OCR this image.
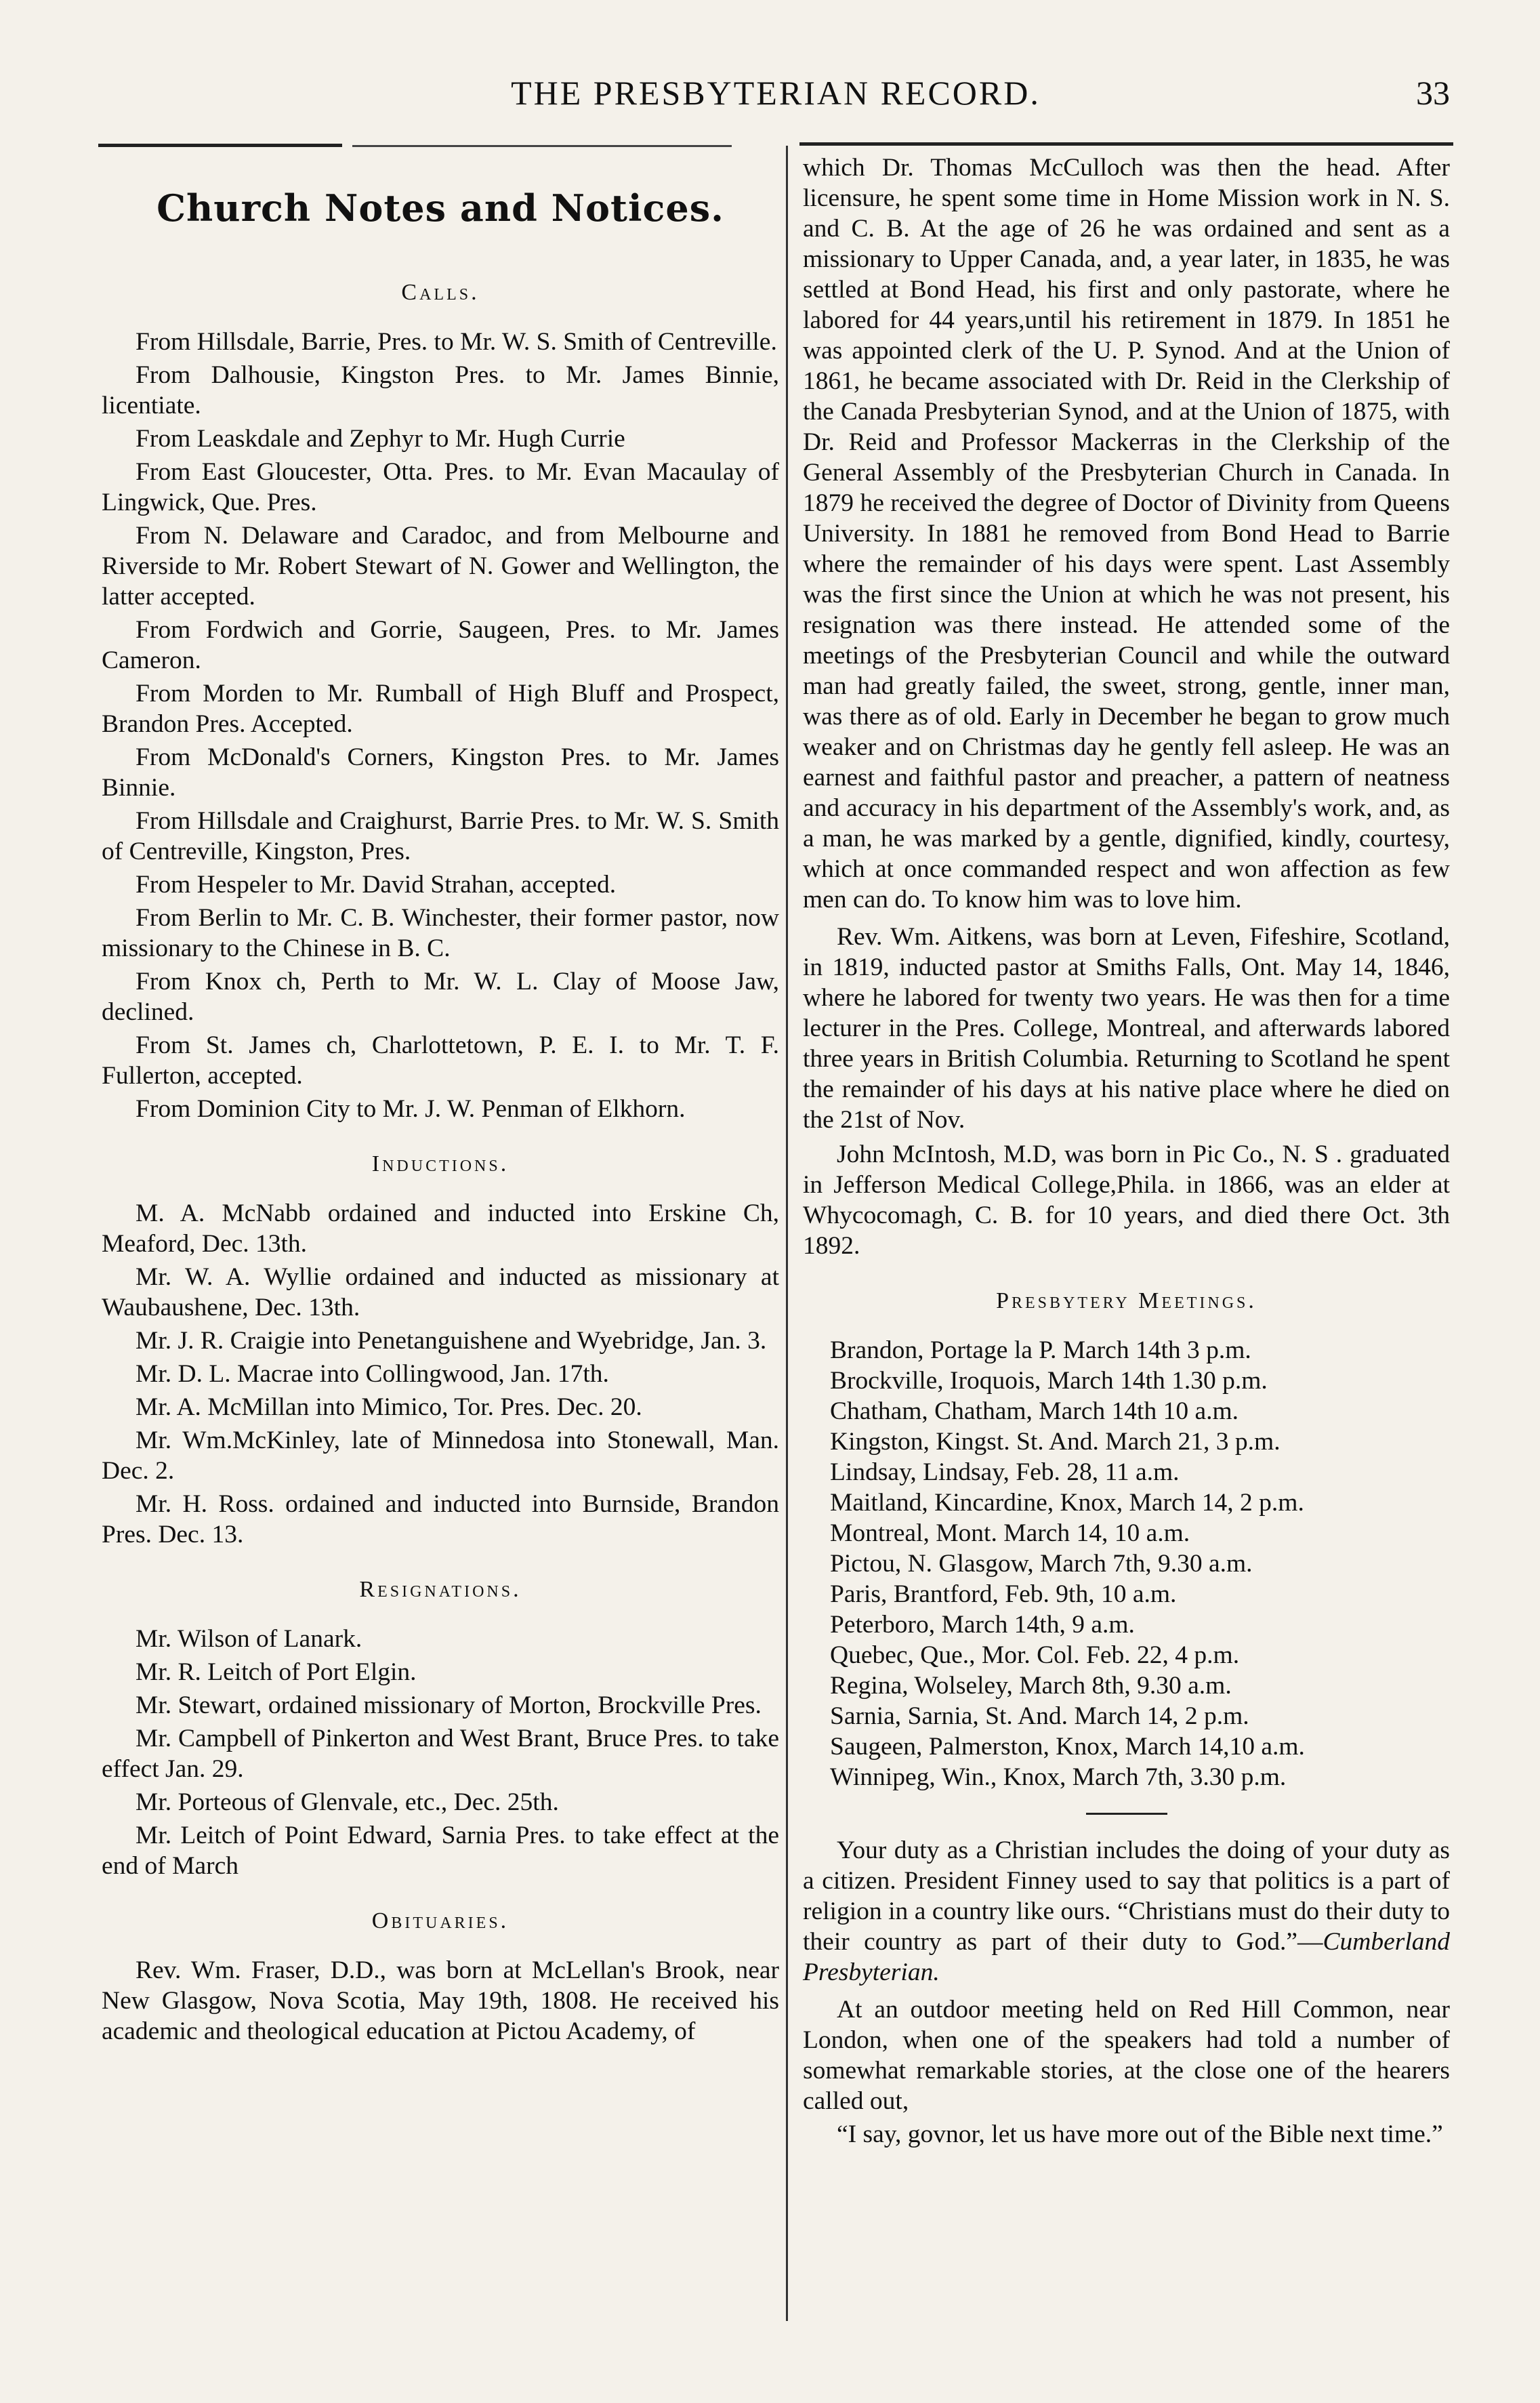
THE PRESBYTERIAN RECORD.	33
Church Notes and Notices.
Calls.

From Hillsdale, Barrie, Pres. to Mr. W. S. Smith of Centreville.

From Dalhousie, Kingston Pres. to Mr. James Binnie, licentiate.

From Leaskdale and Zephyr to Mr. Hugh Currie

From East Gloucester, Otta. Pres. to Mr. Evan Macaulay of Lingwick, Que. Pres.

From N. Delaware and Caradoc, and from Melbourne and Riverside to Mr. Robert Stewart of N. Gower and Wellington, the latter accepted.

From Fordwich and Gorrie, Saugeen, Pres. to Mr. James Cameron.

From Morden to Mr. Rumball of High Bluff and Prospect, Brandon Pres. Accepted.

From McDonald's Corners, Kingston Pres. to Mr. James Binnie.

From Hillsdale and Craighurst, Barrie Pres. to Mr. W. S. Smith of Centreville, Kingston, Pres.

From Hespeler to Mr. David Strahan, accepted.

From Berlin to Mr. C. B. Winchester, their former pastor, now missionary to the Chinese in B. C.

From Knox ch, Perth to Mr. W. L. Clay of Moose Jaw, declined.

From St. James ch, Charlottetown, P. E. I. to Mr. T. F. Fullerton, accepted.

From Dominion City to Mr. J. W. Penman of Elkhorn.

Inductions.

M. A. McNabb ordained and inducted into Erskine Ch, Meaford, Dec. 13th.

Mr. W. A. Wyllie ordained and inducted as missionary at Waubaushene, Dec. 13th.

Mr. J. R. Craigie into Penetanguishene and Wyebridge, Jan. 3.

Mr. D. L. Macrae into Collingwood, Jan. 17th.

Mr. A. McMillan into Mimico, Tor. Pres. Dec. 20.

Mr. Wm.McKinley, late of Minnedosa into Stonewall, Man. Dec. 2.

Mr. H. Ross. ordained and inducted into Burnside, Brandon Pres. Dec. 13.

Resignations.

Mr. Wilson of Lanark.

Mr. R. Leitch of Port Elgin.

Mr. Stewart, ordained missionary of Morton, Brockville Pres.

Mr. Campbell of Pinkerton and West Brant, Bruce Pres. to take effect Jan. 29.

Mr. Porteous of Glenvale, etc., Dec. 25th.

Mr. Leitch of Point Edward, Sarnia Pres. to take effect at the end of March

Obituaries.

Rev. Wm. Fraser, D.D., was born at McLellan's Brook, near New Glasgow, Nova Scotia, May 19th, 1808. He received his academic and theological education at Pictou Academy, of

which Dr. Thomas McCulloch was then the head. After licensure, he spent some time in Home Mission work in N. S. and C. B. At the age of 26 he was ordained and sent as a missionary to Upper Canada, and, a year later, in 1835, he was settled at Bond Head, his first and only pastorate, where he labored for 44 years,until his retirement in 1879. In 1851 he was appointed clerk of the U. P. Synod. And at the Union of 1861, he became associated with Dr. Reid in the Clerkship of the Canada Presbyterian Synod, and at the Union of 1875, with Dr. Reid and Professor Mackerras in the Clerkship of the General Assembly of the Presbyterian Church in Canada. In 1879 he received the degree of Doctor of Divinity from Queens University. In 1881 he removed from Bond Head to Barrie where the remainder of his days were spent. Last Assembly was the first since the Union at which he was not present, his resignation was there instead. He attended some of the meetings of the Presbyterian Council and while the outward man had greatly failed, the sweet, strong, gentle, inner man, was there as of old. Early in December he began to grow much weaker and on Christmas day he gently fell asleep. He was an earnest and faithful pastor and preacher, a pattern of neatness and accuracy in his department of the Assembly's work, and, as a man, he was marked by a gentle, dignified, kindly, courtesy, which at once commanded respect and won affection as few men can do. To know him was to love him.

Rev. Wm. Aitkens, was born at Leven, Fifeshire, Scotland, in 1819, inducted pastor at Smiths Falls, Ont. May 14, 1846, where he labored for twenty two years. He was then for a time lecturer in the Pres. College, Montreal, and afterwards labored three years in British Columbia. Returning to Scotland he spent the remainder of his days at his native place where he died on the 21st of Nov.

John McIntosh, M.D, was born in Pic Co., N. S . graduated in Jefferson Medical College,Phila. in 1866, was an elder at Whycocomagh, C. B. for 10 years, and died there Oct. 3th 1892.

Presbytery Meetings.

Brandon, Portage la P. March 14th 3 p.m.

Brockville, Iroquois, March 14th 1.30 p.m.

Chatham, Chatham, March 14th 10 a.m.

Kingston, Kingst. St. And. March 21, 3 p.m.

Lindsay, Lindsay, Feb. 28, 11 a.m.

Maitland, Kincardine, Knox, March 14, 2 p.m.

Montreal, Mont. March 14, 10 a.m.

Pictou, N. Glasgow, March 7th, 9.30 a.m.

Paris, Brantford, Feb. 9th, 10 a.m.

Peterboro, March 14th, 9 a.m.

Quebec, Que., Mor. Col. Feb. 22, 4 p.m.

Regina, Wolseley, March 8th, 9.30 a.m.

Sarnia, Sarnia, St. And. March 14, 2 p.m.

Saugeen, Palmerston, Knox, March 14,10 a.m.

Winnipeg, Win., Knox, March 7th, 3.30 p.m.

Your duty as a Christian includes the doing of your duty as a citizen. President Finney used to say that politics is a part of religion in a country like ours. “Christians must do their duty to their country as part of their duty to God.”—Cumberland Presbyterian.

At an outdoor meeting held on Red Hill Common, near London, when one of the speakers had told a number of somewhat remarkable stories, at the close one of the hearers called out,

“I say, govnor, let us have more out of the Bible next time.”
